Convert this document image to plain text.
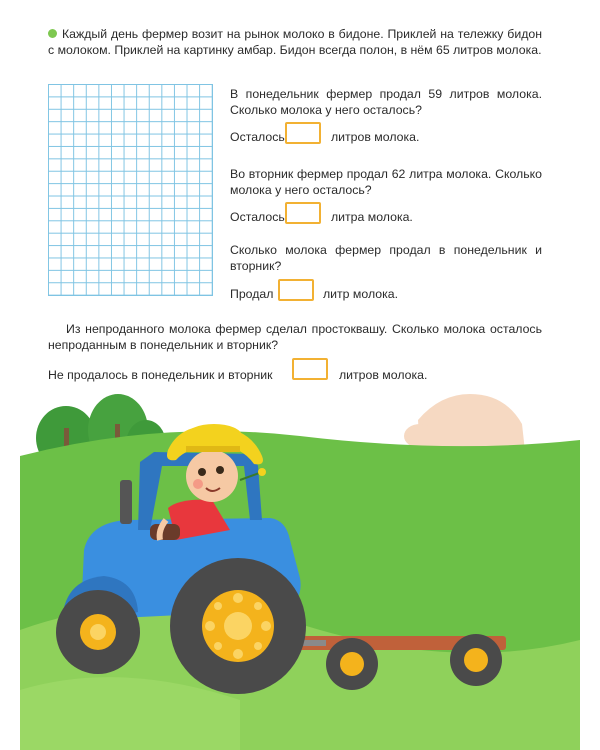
Каждый день фермер возит на рынок молоко в бидоне. Приклей на тележку бидон с молоком. Приклей на картинку амбар. Бидон всегда полон, в нём 65 литров молока.

В понедельник фермер продал 59 литров молока. Сколько молока у него осталось?

Осталось	литров молока.

Во вторник фермер продал 62 литра молока. Сколько молока у него осталось?

Осталось	литра молока.

Сколько молока фермер продал в понедельник и вторник?

Продал	литр молока.

Из непроданного молока фермер сделал простоквашу. Сколько молока осталось непроданным в понедельник и вторник?

Не продалось в понедельник и вторник	литров молока.
